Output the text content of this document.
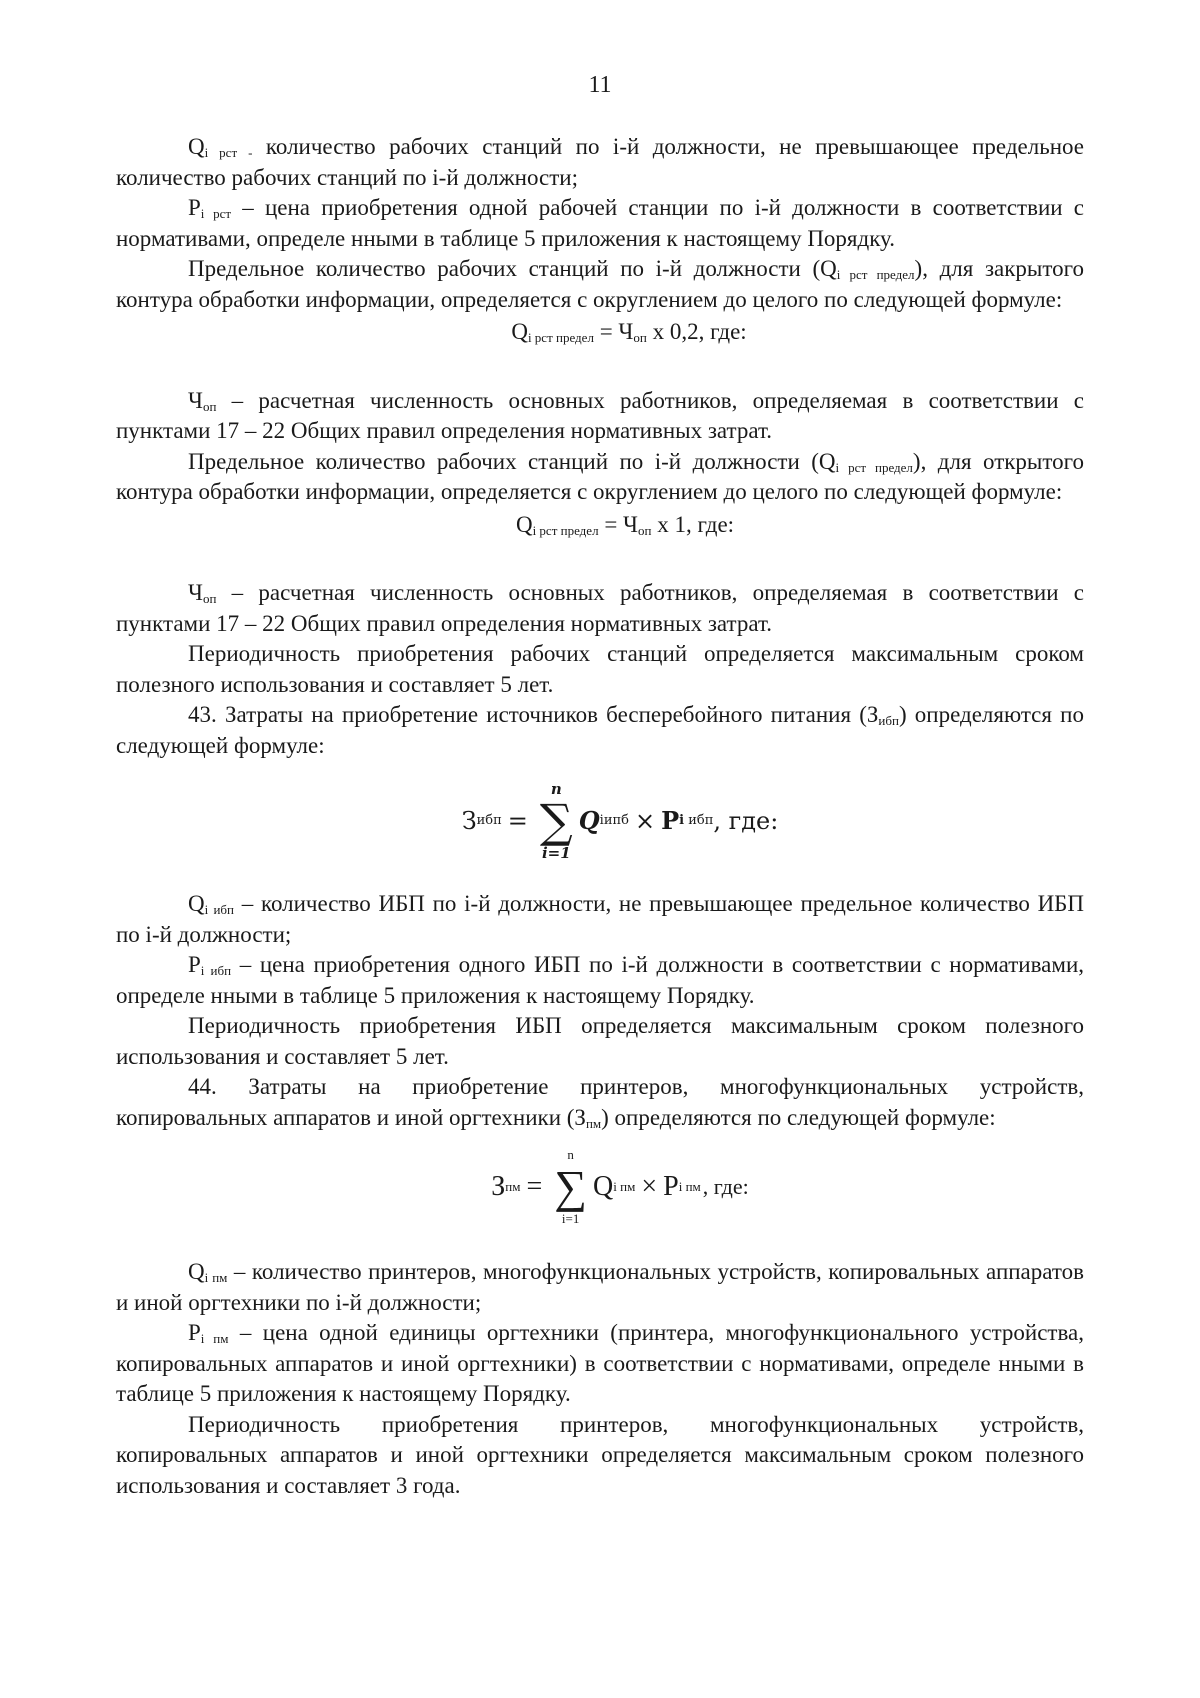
11

$Q_{i рст -}$ количество рабочих станций по i-й должности, не превышающее предельное количество рабочих станций по i-й должности;

$P_{i рст}$ – цена приобретения одной рабочей станции по i-й должности в соответствии с нормативами, определе нными в таблице 5 приложения к настоящему Порядку.

Предельное количество рабочих станций по i-й должности $(Q_{i рст предел})$, для закрытого контура обработки информации, определяется с округлением до целого по следующей формуле:

$Q_{i рст предел} = Ч_{оп}$ х 0,2, где:

$Ч_{оп}$ – расчетная численность основных работников, определяемая в соответствии с пунктами 17 – 22 Общих правил определения нормативных затрат.

Предельное количество рабочих станций по i-й должности $(Q_{i рст предел})$, для открытого контура обработки информации, определяется с округлением до целого по следующей формуле:

$Q_{i рст предел} = Ч_{оп}$ х 1, где:

$Ч_{оп}$ – расчетная численность основных работников, определяемая в соответствии с пунктами 17 – 22 Общих правил определения нормативных затрат.

Периодичность приобретения рабочих станций определяется максимальным сроком полезного использования и составляет 5 лет.

43. Затраты на приобретение источников бесперебойного питания $(З_{ибп})$ определяются по следующей формуле:

З ибп =
n
∑
i=1
Q iипб × P i ибп , где:

$Q_{i ибп}$ – количество ИБП по i-й должности, не превышающее предельное количество ИБП по i-й должности;

$P_{i ибп}$ – цена приобретения одного ИБП по i-й должности в соответствии с нормативами, определе нными в таблице 5 приложения к настоящему Порядку.

Периодичность приобретения ИБП определяется максимальным сроком полезного использования и составляет 5 лет.

44. Затраты на приобретение принтеров, многофункциональных устройств, копировальных аппаратов и иной оргтехники $(З_{пм})$ определяются по следующей формуле:

З пм =
n
∑
i=1
Q i пм × P i пм , где:

$Q_{i пм}$ – количество принтеров, многофункциональных устройств, копировальных аппаратов и иной оргтехники по i-й должности;

$P_{i пм}$ – цена одной единицы оргтехники (принтера, многофункционального устройства, копировальных аппаратов и иной оргтехники) в соответствии с нормативами, определе нными в таблице 5 приложения к настоящему Порядку.

Периодичность приобретения принтеров, многофункциональных устройств, копировальных аппаратов и иной оргтехники определяется максимальным сроком полезного использования и составляет 3 года.
